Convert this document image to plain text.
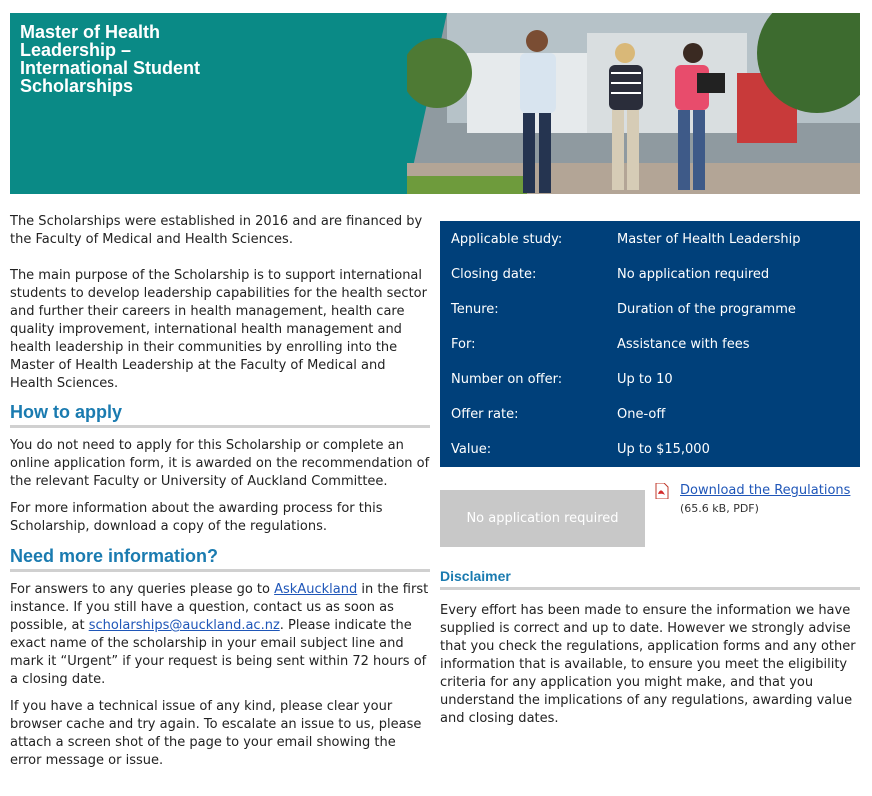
Master of Health Leadership – International Student Scholarships

The Scholarships were established in 2016 and are financed by the Faculty of Medical and Health Sciences.

The main purpose of the Scholarship is to support international students to develop leadership capabilities for the health sector and further their careers in health management, health care quality improvement, international health management and health leadership in their communities by enrolling into the Master of Health Leadership at the Faculty of Medical and Health Sciences.

How to apply

You do not need to apply for this Scholarship or complete an online application form, it is awarded on the recommendation of the relevant Faculty or University of Auckland Committee.

For more information about the awarding process for this Scholarship, download a copy of the regulations.

Need more information?

For answers to any queries please go to AskAuckland in the first instance. If you still have a question, contact us as soon as possible, at scholarships@auckland.ac.nz. Please indicate the exact name of the scholarship in your email subject line and mark it “Urgent” if your request is being sent within 72 hours of a closing date.

If you have a technical issue of any kind, please clear your browser cache and try again. To escalate an issue to us, please attach a screen shot of the page to your email showing the error message or issue.

Applicable study:	Master of Health Leadership
Closing date:	No application required
Tenure:	Duration of the programme
For:	Assistance with fees
Number on offer:	Up to 10
Offer rate:	One-off
Value:	Up to $15,000
No application required
Download the Regulations
(65.6 kB, PDF)
Disclaimer

Every effort has been made to ensure the information we have supplied is correct and up to date. However we strongly advise that you check the regulations, application forms and any other information that is available, to ensure you meet the eligibility criteria for any application you might make, and that you understand the implications of any regulations, awarding value and closing dates.
